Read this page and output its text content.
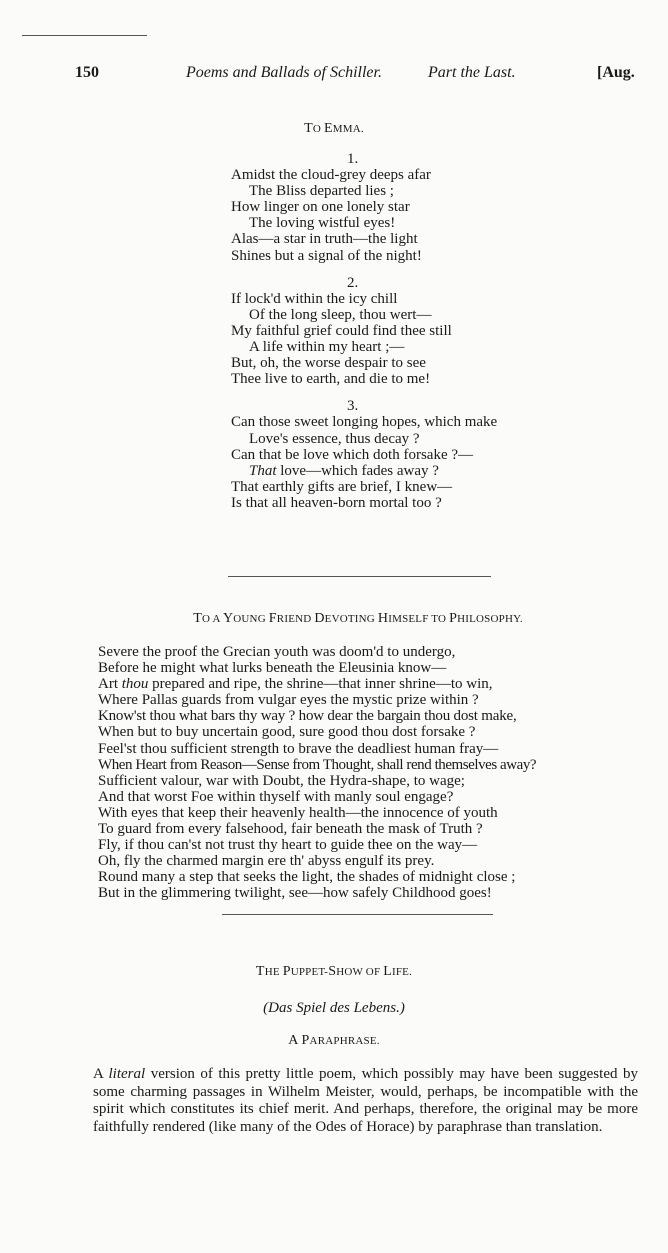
150	Poems and Ballads of Schiller.	Part the Last.	[Aug.
TO EMMA.
1.
Amidst the cloud-grey deeps afar
The Bliss departed lies ;
How linger on one lonely star
The loving wistful eyes!
Alas—a star in truth—the light
Shines but a signal of the night!
2.
If lock'd within the icy chill
Of the long sleep, thou wert—
My faithful grief could find thee still
A life within my heart ;—
But, oh, the worse despair to see
Thee live to earth, and die to me!
3.
Can those sweet longing hopes, which make
Love's essence, thus decay ?
Can that be love which doth forsake ?—
That love—which fades away ?
That earthly gifts are brief, I knew—
Is that all heaven-born mortal too ?
TO A YOUNG FRIEND DEVOTING HIMSELF TO PHILOSOPHY.
Severe the proof the Grecian youth was doom'd to undergo,
Before he might what lurks beneath the Eleusinia know—
Art thou prepared and ripe, the shrine—that inner shrine—to win,
Where Pallas guards from vulgar eyes the mystic prize within ?
Know'st thou what bars thy way ? how dear the bargain thou dost make,
When but to buy uncertain good, sure good thou dost forsake ?
Feel'st thou sufficient strength to brave the deadliest human fray—
When Heart from Reason—Sense from Thought, shall rend themselves away?
Sufficient valour, war with Doubt, the Hydra-shape, to wage;
And that worst Foe within thyself with manly soul engage?
With eyes that keep their heavenly health—the innocence of youth
To guard from every falsehood, fair beneath the mask of Truth ?
Fly, if thou can'st not trust thy heart to guide thee on the way—
Oh, fly the charmed margin ere th' abyss engulf its prey.
Round many a step that seeks the light, the shades of midnight close ;
But in the glimmering twilight, see—how safely Childhood goes!
THE PUPPET-SHOW OF LIFE.
(Das Spiel des Lebens.)
A PARAPHRASE.
A literal version of this pretty little poem, which possibly may have been suggested by some charming passages in Wilhelm Meister, would, perhaps, be incompatible with the spirit which constitutes its chief merit. And perhaps, therefore, the original may be more faithfully rendered (like many of the Odes of Horace) by paraphrase than translation.
